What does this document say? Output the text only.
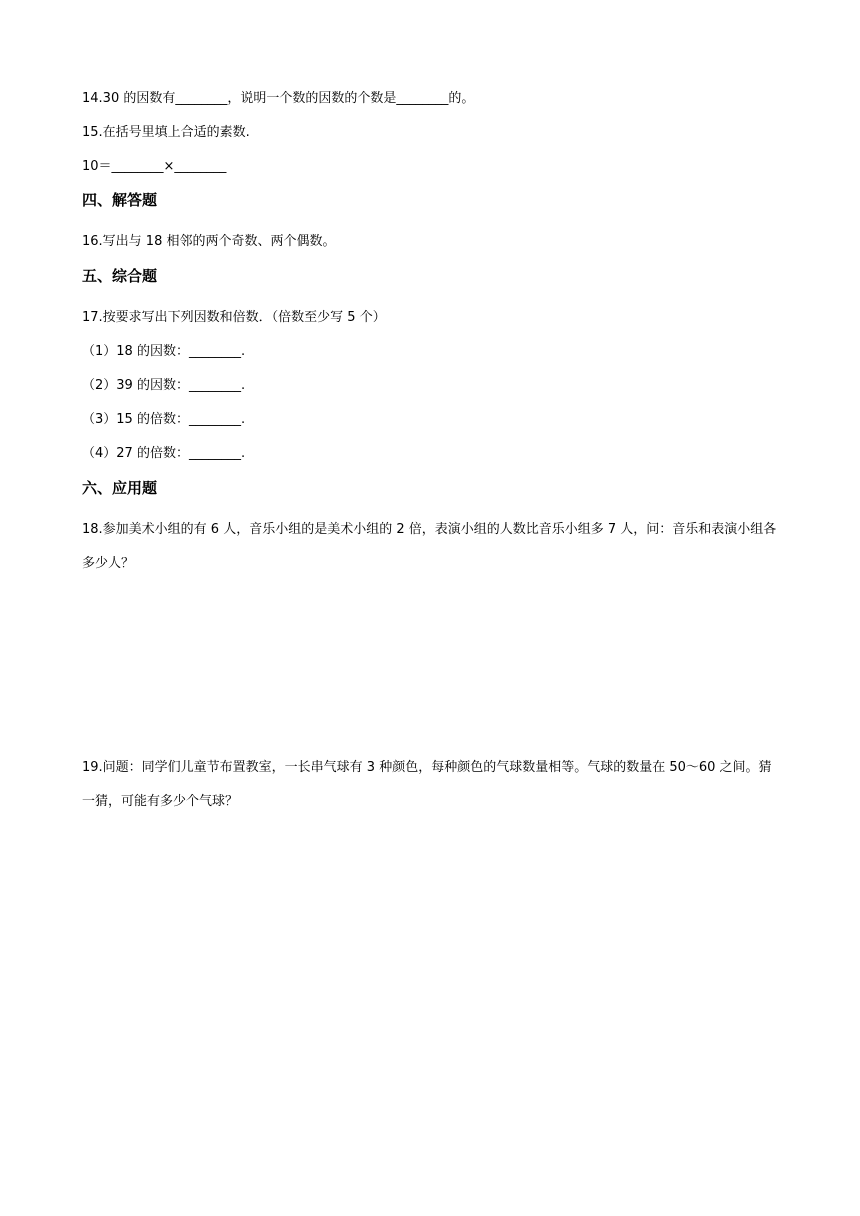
14.30 的因数有________，说明一个数的因数的个数是________的。
15.在括号里填上合适的素数.
10＝________×________
四、解答题
16.写出与 18 相邻的两个奇数、两个偶数。
五、综合题
17.按要求写出下列因数和倍数．（倍数至少写 5 个）
（1）18 的因数：________.
（2）39 的因数：________.
（3）15 的倍数：________.
（4）27 的倍数：________.
六、应用题
18.参加美术小组的有 6 人，音乐小组的是美术小组的 2 倍，表演小组的人数比音乐小组多 7 人，问：音乐和表演小组各多少人？
19.问题：同学们儿童节布置教室，一长串气球有 3 种颜色，每种颜色的气球数量相等。气球的数量在 50～60 之间。猜一猜，可能有多少个气球？
